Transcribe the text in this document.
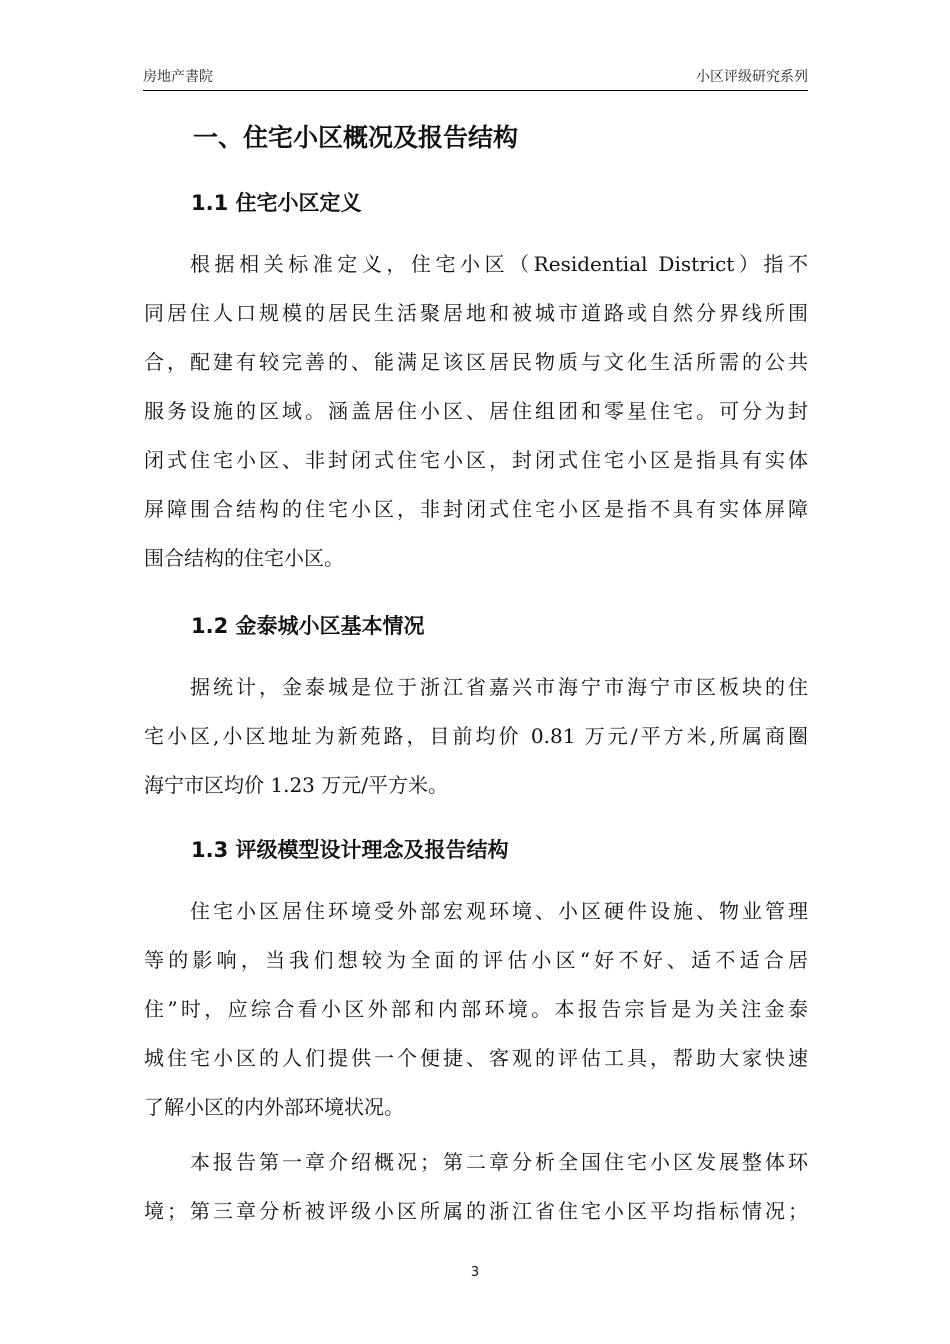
房地产書院	小区评级研究系列
一、住宅小区概况及报告结构
1.1 住宅小区定义
根据相关标准定义，住宅小区（Residential District）指不
同居住人口规模的居民生活聚居地和被城市道路或自然分界线所围
合，配建有较完善的、能满足该区居民物质与文化生活所需的公共
服务设施的区域。涵盖居住小区、居住组团和零星住宅。可分为封
闭式住宅小区、非封闭式住宅小区，封闭式住宅小区是指具有实体
屏障围合结构的住宅小区，非封闭式住宅小区是指不具有实体屏障
围合结构的住宅小区。
1.2 金泰城小区基本情况
据统计，金泰城是位于浙江省嘉兴市海宁市海宁市区板块的住
宅小区,小区地址为新苑路，目前均价 0.81 万元/平方米,所属商圈
海宁市区均价 1.23 万元/平方米。
1.3 评级模型设计理念及报告结构
住宅小区居住环境受外部宏观环境、小区硬件设施、物业管理
等的影响，当我们想较为全面的评估小区“好不好、适不适合居
住”时，应综合看小区外部和内部环境。本报告宗旨是为关注金泰
城住宅小区的人们提供一个便捷、客观的评估工具，帮助大家快速
了解小区的内外部环境状况。
本报告第一章介绍概况；第二章分析全国住宅小区发展整体环
境；第三章分析被评级小区所属的浙江省住宅小区平均指标情况；
3
